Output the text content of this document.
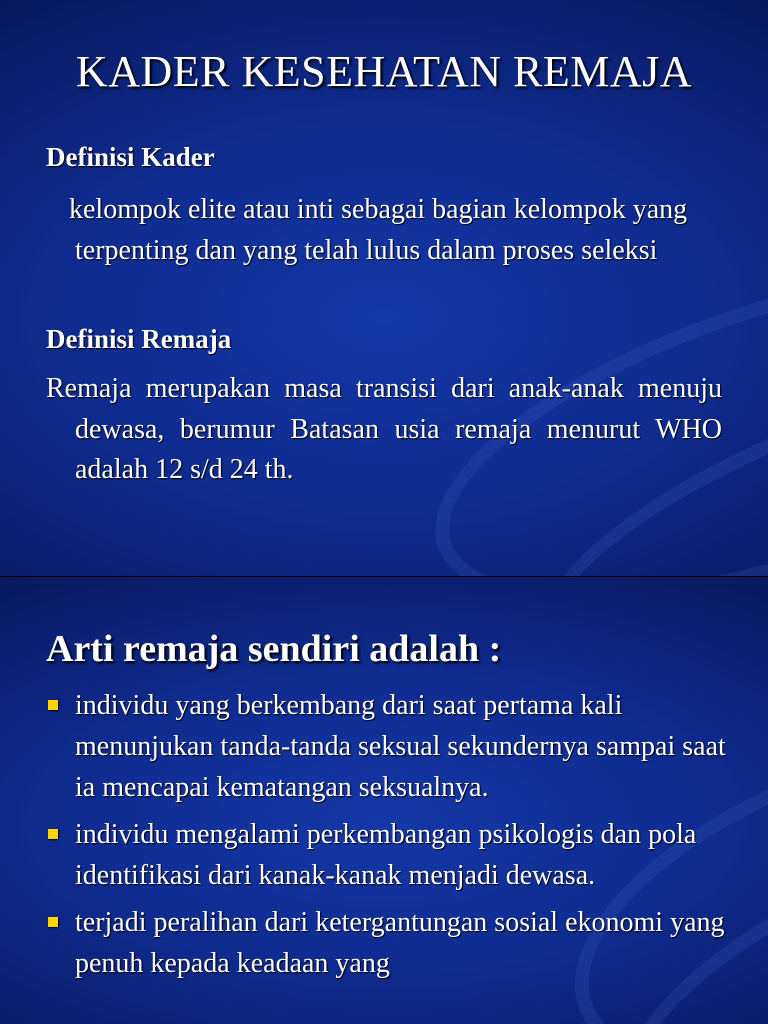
KADER KESEHATAN REMAJA
Definisi Kader
kelompok elite atau inti sebagai bagian kelompok yang terpenting dan yang telah lulus dalam proses seleksi
Definisi Remaja
Remaja merupakan masa transisi dari anak-anak menuju dewasa, berumur Batasan usia remaja menurut WHO adalah 12 s/d 24 th.
Arti remaja sendiri adalah :
individu yang berkembang dari saat pertama kali menunjukan tanda-tanda seksual sekundernya sampai saat ia mencapai kematangan seksualnya.
individu mengalami perkembangan psikologis dan pola identifikasi dari kanak-kanak menjadi dewasa.
terjadi peralihan dari ketergantungan sosial ekonomi yang penuh kepada keadaan yang
